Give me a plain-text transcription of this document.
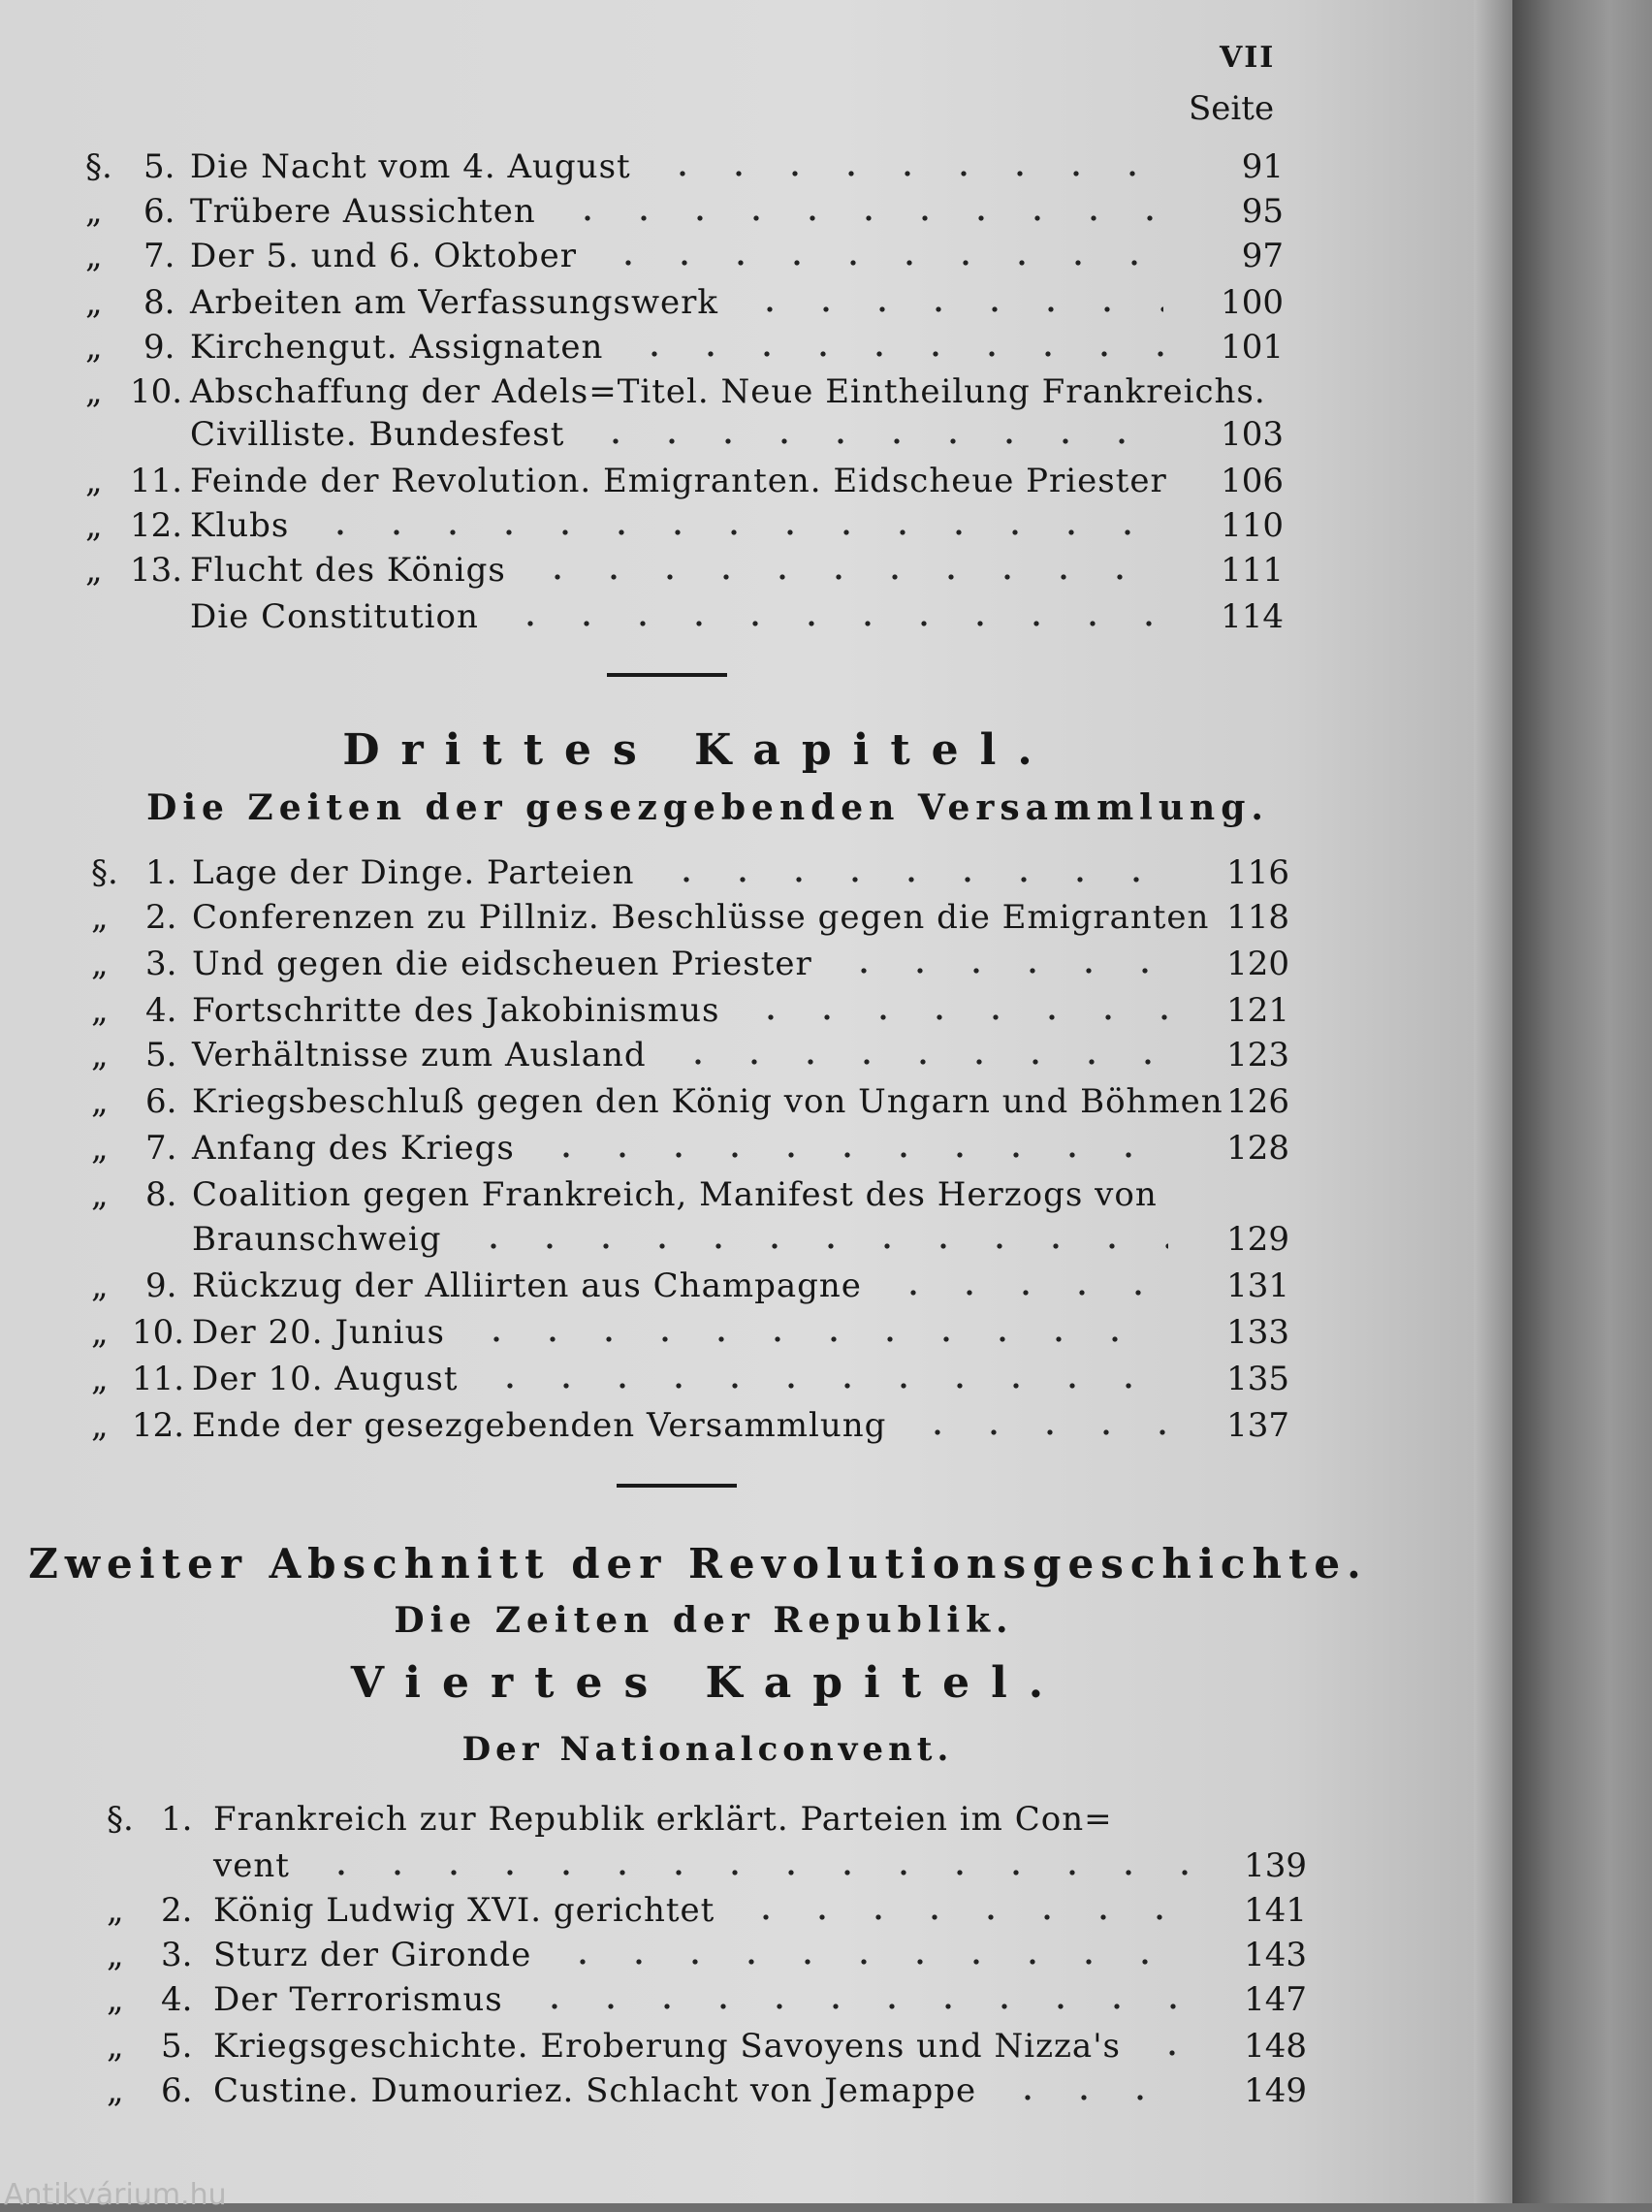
VII
Seite
Drittes Kapitel.
Die Zeiten der gesezgebenden Versammlung.
Zweiter Abschnitt der Revolutionsgeschichte.
Die Zeiten der Republik.
Viertes Kapitel.
Der Nationalconvent.
§. 5. Die Nacht vom 4. August	91
„ 6. Trübere Aussichten	95
„ 7. Der 5. und 6. Oktober	97
„ 8. Arbeiten am Verfassungswerk	100
„ 9. Kirchengut. Assignaten	101
„ 10. Abschaffung der Adels=Titel. Neue Eintheilung Frankreichs.
Civilliste. Bundesfest	103
„ 11. Feinde der Revolution. Emigranten. Eidscheue Priester	106
„ 12. Klubs	110
„ 13. Flucht des Königs	111
Die Constitution	114
§. 1. Lage der Dinge. Parteien	116
„ 2. Conferenzen zu Pillniz. Beschlüsse gegen die Emigranten 118
„ 3. Und gegen die eidscheuen Priester	120
„ 4. Fortschritte des Jakobinismus	121
„ 5. Verhältnisse zum Ausland	123
„ 6. Kriegsbeschluß gegen den König von Ungarn und Böhmen 126
„ 7. Anfang des Kriegs	128
„ 8. Coalition gegen Frankreich, Manifest des Herzogs von
Braunschweig	129
„ 9. Rückzug der Alliirten aus Champagne	131
„ 10. Der 20. Junius	133
„ 11. Der 10. August	135
„ 12. Ende der gesezgebenden Versammlung	137
§. 1. Frankreich zur Republik erklärt. Parteien im Con=
vent	139
„ 2. König Ludwig XVI. gerichtet	141
„ 3. Sturz der Gironde	143
„ 4. Der Terrorismus	147
„ 5. Kriegsgeschichte. Eroberung Savoyens und Nizza's	148
„ 6. Custine. Dumouriez. Schlacht von Jemappe	149
Antikvárium.hu
